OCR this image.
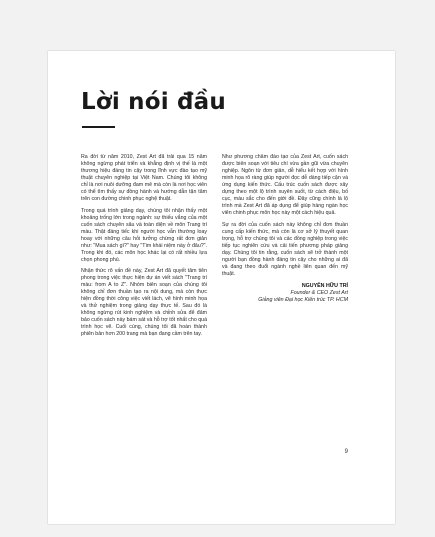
Lời nói đầu

Ra đời từ năm 2010, Zest Art đã trải qua 15 năm không ngừng phát triển và khẳng định vị thế là một thương hiệu đáng tin cậy trong lĩnh vực đào tạo mỹ thuật chuyên nghiệp tại Việt Nam. Chúng tôi không chỉ là nơi nuôi dưỡng đam mê mà còn là nơi học viên có thể tìm thấy sự đồng hành và hướng dẫn tận tâm trên con đường chinh phục nghệ thuật.

Trong quá trình giảng dạy, chúng tôi nhận thấy một khoảng trống lớn trong ngành: sự thiếu vắng của một cuốn sách chuyên sâu và toàn diện về môn Trang trí màu. Thật đáng tiếc khi người học vẫn thường loay hoay với những câu hỏi tưởng chừng rất đơn giản như: "Mua sách gì?" hay "Tìm khái niệm này ở đâu?". Trong khi đó, các môn học khác lại có rất nhiều lựa chọn phong phú.

Nhận thức rõ vấn đề này, Zest Art đã quyết tâm tiên phong trong việc thực hiện dự án viết sách "Trang trí màu: from A to Z". Nhóm biên soạn của chúng tôi không chỉ đơn thuần tạo ra nội dung, mà còn thực hiện đồng thời công việc viết lách, vẽ hình minh họa và thử nghiệm trong giảng dạy thực tế. Sau đó là không ngừng rút kinh nghiệm và chỉnh sửa để đảm bảo cuốn sách này bám sát và hỗ trợ tốt nhất cho quá trình học vẽ. Cuối cùng, chúng tôi đã hoàn thành phiên bản hơn 200 trang mà bạn đang cầm trên tay.

Như phương châm đào tạo của Zest Art, cuốn sách được biên soạn với tiêu chí vừa gần gũi vừa chuyên nghiệp. Ngôn từ đơn giản, dễ hiểu kết hợp với hình minh họa rõ ràng giúp người đọc dễ dàng tiếp cận và ứng dụng kiến thức. Cấu trúc cuốn sách được xây dựng theo một lộ trình xuyên suốt, từ cách điệu, bố cục, màu sắc cho đến giới đề. Đây cũng chính là lộ trình mà Zest Art đã áp dụng để giúp hàng ngàn học viên chinh phục môn học này một cách hiệu quả.

Sự ra đời của cuốn sách này không chỉ đơn thuần cung cấp kiến thức, mà còn là cơ sở lý thuyết quan trọng, hỗ trợ chúng tôi và các đồng nghiệp trong việc tiếp tục nghiên cứu và cải tiến phương pháp giảng dạy. Chúng tôi tin rằng, cuốn sách sẽ trở thành một người bạn đồng hành đáng tin cậy cho những ai đã và đang theo đuổi ngành nghề liên quan đến mỹ thuật.

NGUYỄN HỮU TRÍ
Founder & CEO Zest Art
Giảng viên Đại học Kiến trúc TP. HCM
9
